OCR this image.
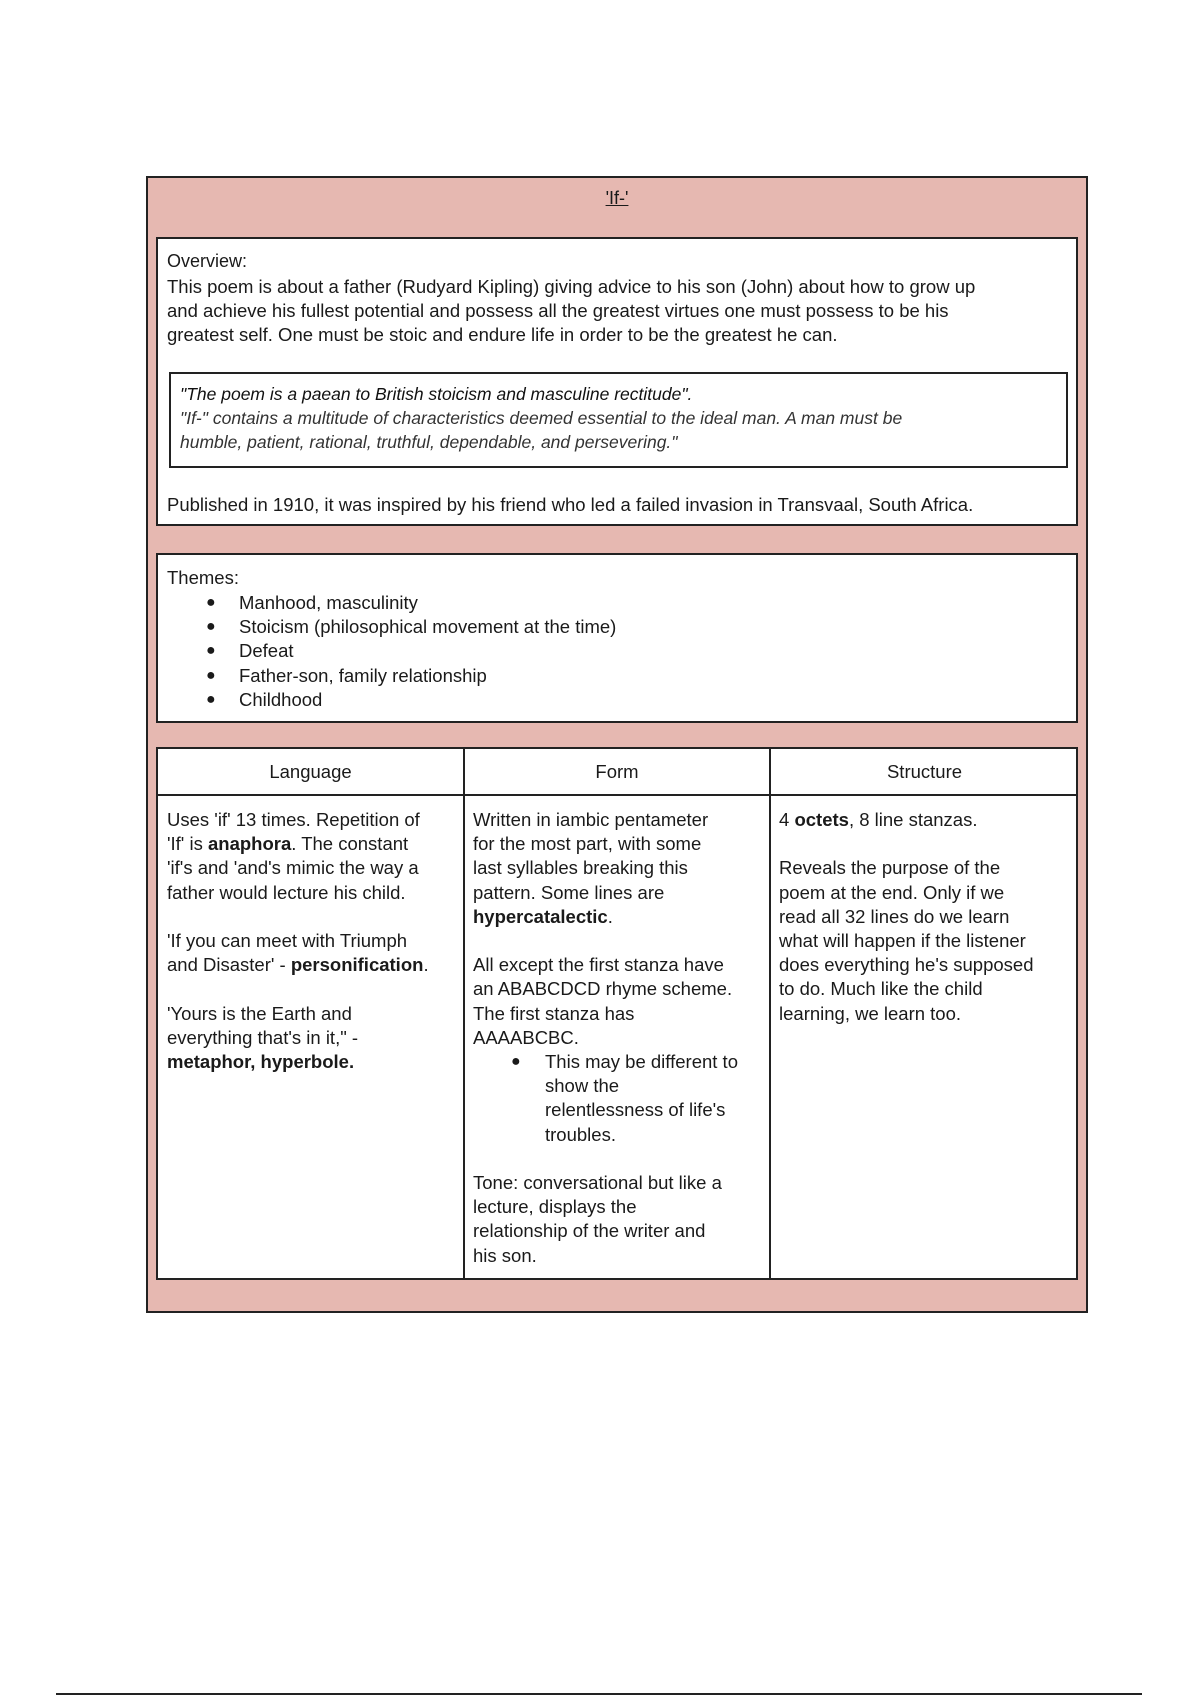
'If-'
Overview:
This poem is about a father (Rudyard Kipling) giving advice to his son (John) about how to grow up
and achieve his fullest potential and possess all the greatest virtues one must possess to be his
greatest self. One must be stoic and endure life in order to be the greatest he can.
"The poem is a paean to British stoicism and masculine rectitude".
"If-" contains a multitude of characteristics deemed essential to the ideal man. A man must be
humble, patient, rational, truthful, dependable, and persevering."
Published in 1910, it was inspired by his friend who led a failed invasion in Transvaal, South Africa.
Themes:
● Manhood, masculinity
● Stoicism (philosophical movement at the time)
● Defeat
● Father-son, family relationship
● Childhood
Language	Form	Structure

Uses 'if' 13 times. Repetition of

'If' is anaphora. The constant

'if's and 'and's mimic the way a

father would lecture his child.

'If you can meet with Triumph

and Disaster' - personification.

'Yours is the Earth and

everything that's in it," -

metaphor, hyperbole.

Written in iambic pentameter

for the most part, with some

last syllables breaking this

pattern. Some lines are

hypercatalectic.

All except the first stanza have

an ABABCDCD rhyme scheme.

The first stanza has

AAAABCBC.

● This may be different to

show the

relentlessness of life's

troubles.

Tone: conversational but like a

lecture, displays the

relationship of the writer and

his son.

4 octets, 8 line stanzas.

Reveals the purpose of the

poem at the end. Only if we

read all 32 lines do we learn

what will happen if the listener

does everything he's supposed

to do. Much like the child

learning, we learn too.
